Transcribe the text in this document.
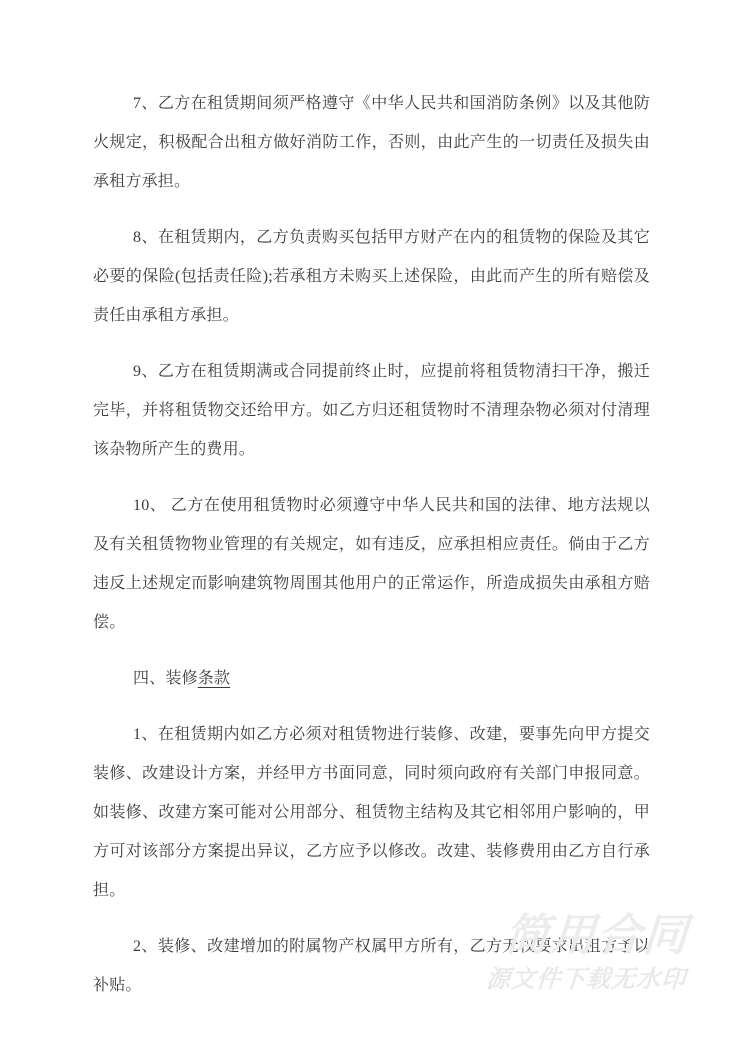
7、乙方在租赁期间须严格遵守《中华人民共和国消防条例》以及其他防火规定，积极配合出租方做好消防工作，否则，由此产生的一切责任及损失由承租方承担。

8、在租赁期内，乙方负责购买包括甲方财产在内的租赁物的保险及其它必要的保险(包括责任险);若承租方未购买上述保险，由此而产生的所有赔偿及责任由承租方承担。

9、乙方在租赁期满或合同提前终止时，应提前将租赁物清扫干净，搬迁完毕，并将租赁物交还给甲方。如乙方归还租赁物时不清理杂物必须对付清理该杂物所产生的费用。

10、 乙方在使用租赁物时必须遵守中华人民共和国的法律、地方法规以及有关租赁物物业管理的有关规定，如有违反，应承担相应责任。倘由于乙方违反上述规定而影响建筑物周围其他用户的正常运作，所造成损失由承租方赔偿。

四、装修条款

1、在租赁期内如乙方必须对租赁物进行装修、改建，要事先向甲方提交装修、改建设计方案，并经甲方书面同意，同时须向政府有关部门申报同意。如装修、改建方案可能对公用部分、租赁物主结构及其它相邻用户影响的，甲方可对该部分方案提出异议，乙方应予以修改。改建、装修费用由乙方自行承担。

2、装修、改建增加的附属物产权属甲方所有，乙方无权要求出租方予以补贴。

简用合同
源文件下载无水印
